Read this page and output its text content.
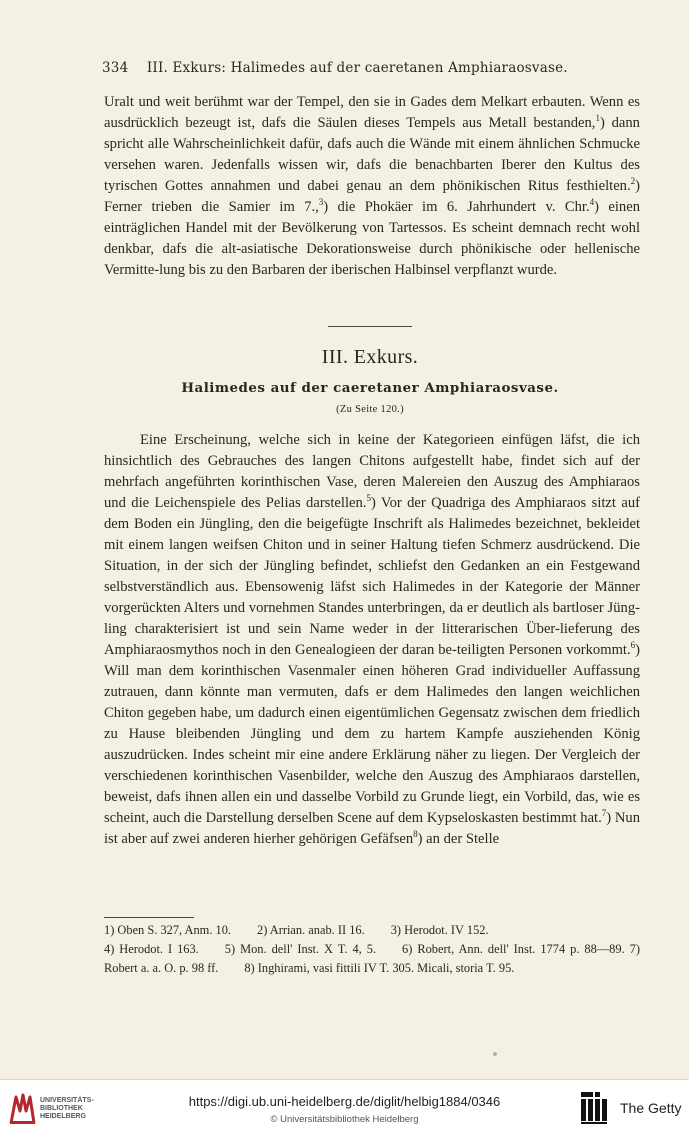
334 III. Exkurs: Halimedes auf der caeretanen Amphiaraosvase.
Uralt und weit berühmt war der Tempel, den sie in Gades dem Melkart erbauten. Wenn es ausdrücklich bezeugt ist, dafs die Säulen dieses Tempels aus Metall bestanden,$^1$) dann spricht alle Wahrscheinlichkeit dafür, dafs auch die Wände mit einem ähnlichen Schmucke versehen waren. Jedenfalls wissen wir, dafs die benachbarten Iberer den Kultus des tyrischen Gottes annahmen und dabei genau an dem phönikischen Ritus festhielten.$^2$) Ferner trieben die Samier im 7.,$^3$) die Phokäer im 6. Jahrhundert v. Chr.$^4$) einen einträglichen Handel mit der Bevölkerung von Tartessos. Es scheint demnach recht wohl denkbar, dafs die alt-asiatische Dekorationsweise durch phönikische oder hellenische Vermitte-lung bis zu den Barbaren der iberischen Halbinsel verpflanzt wurde.
III. Exkurs.
Halimedes auf der caeretaner Amphiaraosvase.
(Zu Seite 120.)
Eine Erscheinung, welche sich in keine der Kategorieen einfügen läfst, die ich hinsichtlich des Gebrauches des langen Chitons aufgestellt habe, findet sich auf der mehrfach angeführten korinthischen Vase, deren Malereien den Auszug des Amphiaraos und die Leichenspiele des Pelias darstellen.$^5$) Vor der Quadriga des Amphiaraos sitzt auf dem Boden ein Jüngling, den die beigefügte Inschrift als Halimedes bezeichnet, bekleidet mit einem langen weifsen Chiton und in seiner Haltung tiefen Schmerz ausdrückend. Die Situation, in der sich der Jüngling befindet, schliefst den Gedanken an ein Festgewand selbstverständlich aus. Ebensowenig läfst sich Halimedes in der Kategorie der Männer vorgerückten Alters und vornehmen Standes unterbringen, da er deutlich als bartloser Jüng-ling charakterisiert ist und sein Name weder in der litterarischen Über-lieferung des Amphiaraosmythos noch in den Genealogieen der daran be-teiligten Personen vorkommt.$^6$) Will man dem korinthischen Vasenmaler einen höheren Grad individueller Auffassung zutrauen, dann könnte man vermuten, dafs er dem Halimedes den langen weichlichen Chiton gegeben habe, um dadurch einen eigentümlichen Gegensatz zwischen dem friedlich zu Hause bleibenden Jüngling und dem zu hartem Kampfe ausziehenden König auszudrücken. Indes scheint mir eine andere Erklärung näher zu liegen. Der Vergleich der verschiedenen korinthischen Vasenbilder, welche den Auszug des Amphiaraos darstellen, beweist, dafs ihnen allen ein und dasselbe Vorbild zu Grunde liegt, ein Vorbild, das, wie es scheint, auch die Darstellung derselben Scene auf dem Kypseloskasten bestimmt hat.$^7$) Nun ist aber auf zwei anderen hierher gehörigen Gefäfsen$^8$) an der Stelle
1) Oben S. 327, Anm. 10. 2) Arrian. anab. II 16. 3) Herodot. IV 152.
4) Herodot. I 163. 5) Mon. dell' Inst. X T. 4, 5. 6) Robert, Ann. dell' Inst. 1774 p. 88—89. 7) Robert a. a. O. p. 98 ff. 8) Inghirami, vasi fittili IV T. 305. Micali, storia T. 95.
UNIVERSITÄTS-
BIBLIOTHEK
HEIDELBERG
https://digi.ub.uni-heidelberg.de/diglit/helbig1884/0346
© Universitätsbibliothek Heidelberg
The Getty
